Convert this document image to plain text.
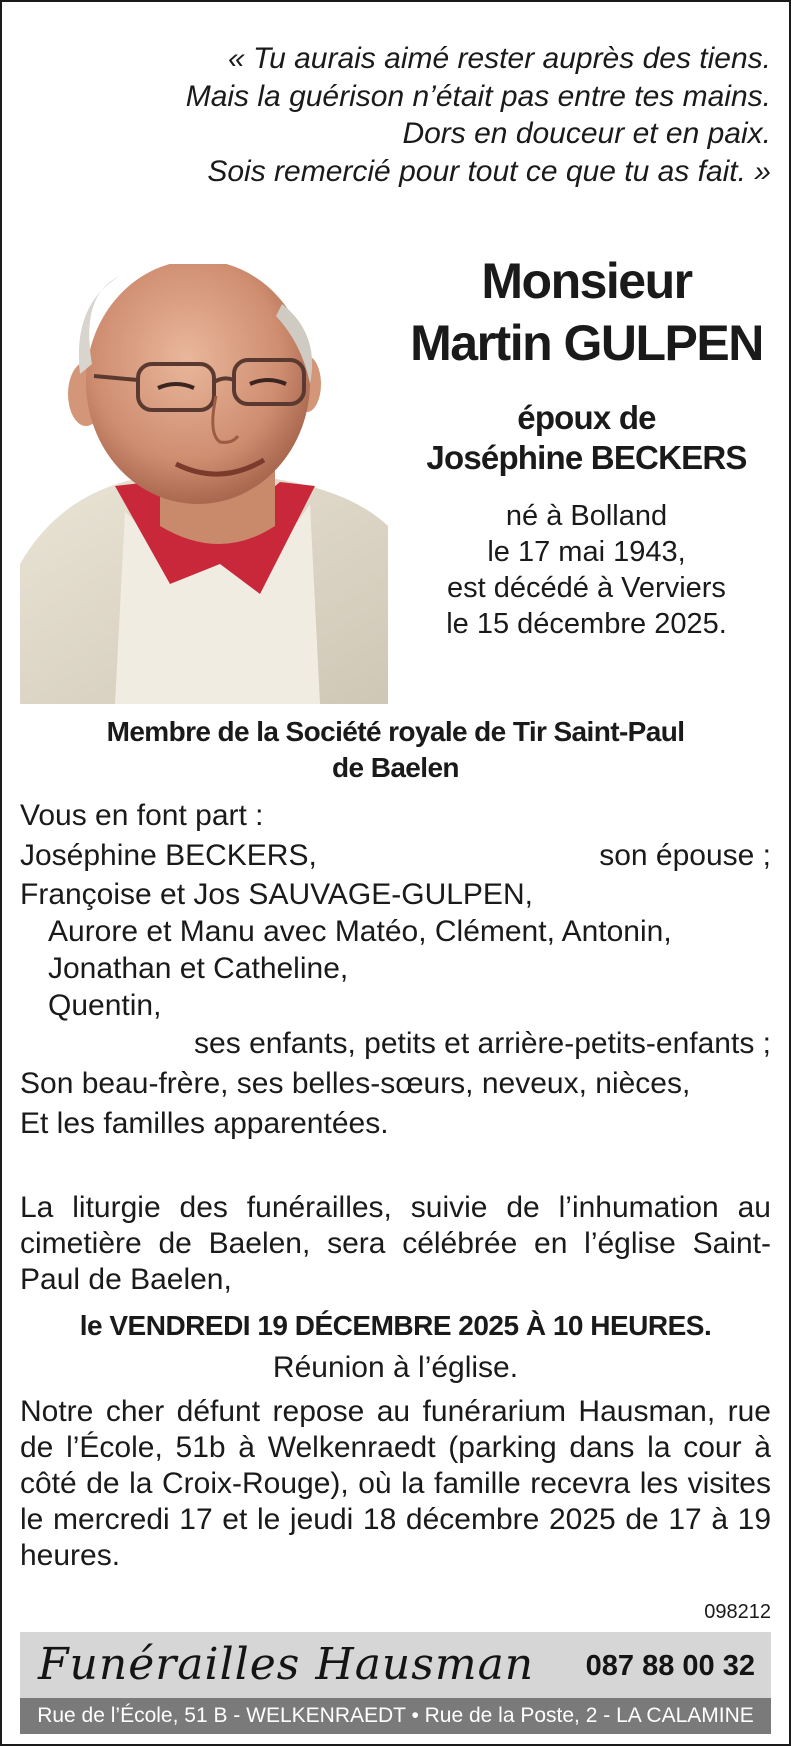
« Tu aurais aimé rester auprès des tiens.
Mais la guérison n’était pas entre tes mains.
Dors en douceur et en paix.
Sois remercié pour tout ce que tu as fait. »
Monsieur
Martin GULPEN
époux de
Joséphine BECKERS
né à Bolland
le 17 mai 1943,
est décédé à Verviers
le 15 décembre 2025.
Membre de la Société royale de Tir Saint-Paul
de Baelen
Vous en font part :
Joséphine BECKERS,	son épouse ;
Françoise et Jos SAUVAGE-GULPEN,
Aurore et Manu avec Matéo, Clément, Antonin,
Jonathan et Catheline,
Quentin,
ses enfants, petits et arrière-petits-enfants ;
Son beau-frère, ses belles-sœurs, neveux, nièces,
Et les familles apparentées.
La liturgie des funérailles, suivie de l’inhumation au cimetière de Baelen, sera célébrée en l’église Saint-Paul de Baelen,
le VENDREDI 19 DÉCEMBRE 2025 À 10 HEURES.
Réunion à l’église.
Notre cher défunt repose au funérarium Hausman, rue de l’École, 51b à Welkenraedt (parking dans la cour à côté de la Croix-Rouge), où la famille recevra les visites le mercredi 17 et le jeudi 18 décembre 2025 de 17 à 19 heures.
098212
Funérailles Hausman 087 88 00 32
Rue de l’École, 51 B - WELKENRAEDT • Rue de la Poste, 2 - LA CALAMINE
